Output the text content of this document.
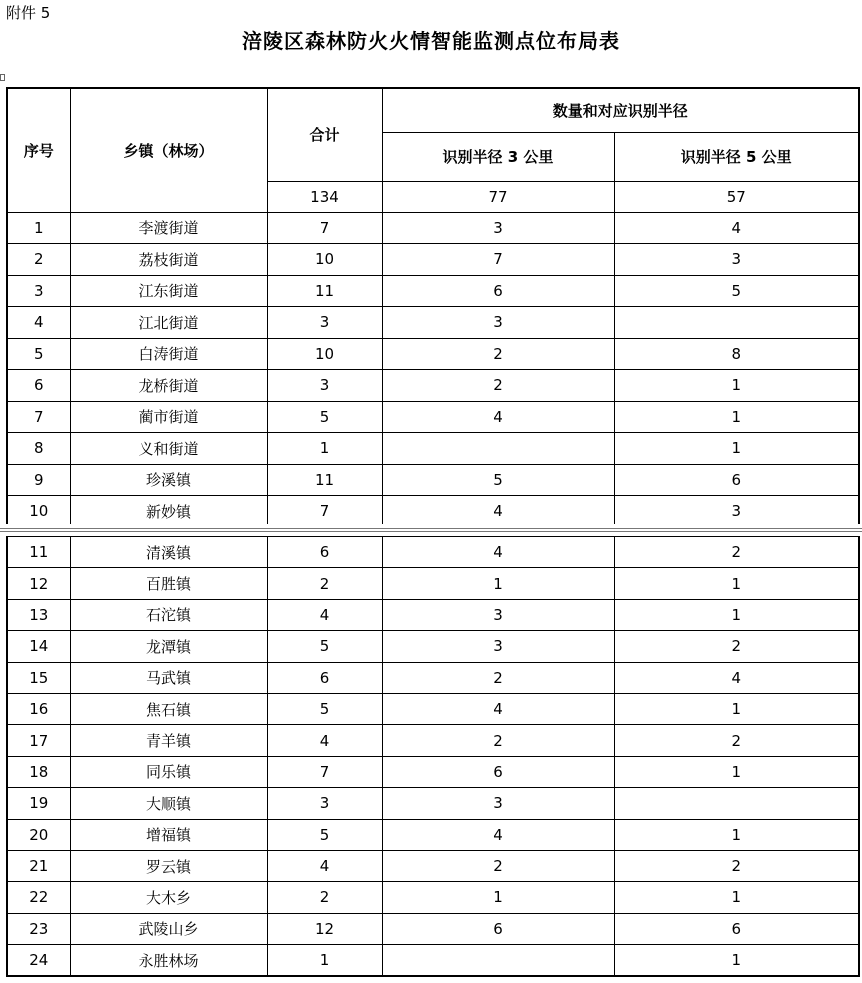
附件 5
涪陵区森林防火火情智能监测点位布局表
序号	乡镇（林场）	合计	数量和对应识别半径	
			识别半径 3 公里	识别半径 5 公里
		134	77	57
1	李渡街道	7	3	4
2	荔枝街道	10	7	3
3	江东街道	11	6	5
4	江北街道	3	3	
5	白涛街道	10	2	8
6	龙桥街道	3	2	1
7	蔺市街道	5	4	1
8	义和街道	1		1
9	珍溪镇	11	5	6
10	新妙镇	7	4	3
11	清溪镇	6	4	2
12	百胜镇	2	1	1
13	石沱镇	4	3	1
14	龙潭镇	5	3	2
15	马武镇	6	2	4
16	焦石镇	5	4	1
17	青羊镇	4	2	2
18	同乐镇	7	6	1
19	大顺镇	3	3	
20	增福镇	5	4	1
21	罗云镇	4	2	2
22	大木乡	2	1	1
23	武陵山乡	12	6	6
24	永胜林场	1		1
